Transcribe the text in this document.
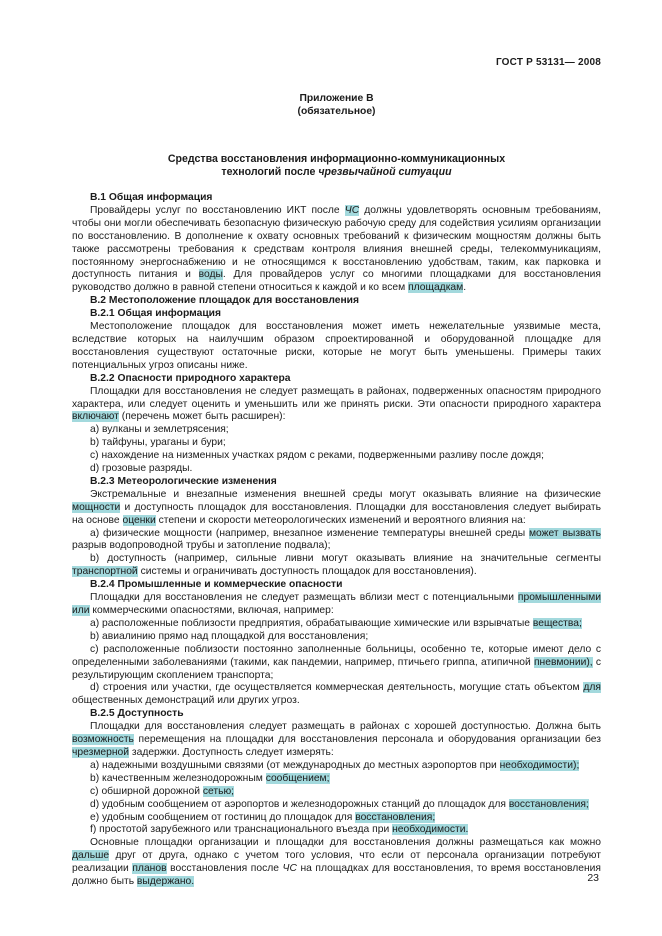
ГОСТ Р 53131— 2008
Приложение В
(обязательное)
Средства восстановления информационно-коммуникационных
технологий после чрезвычайной ситуации

В.1 Общая информация

Провайдеры услуг по восстановлению ИКТ после ЧС должны удовлетворять основным требованиям, чтобы они могли обеспечивать безопасную физическую рабочую среду для содействия усилиям организации по восстановлению. В дополнение к охвату основных требований к физическим мощностям должны быть также рассмотрены требования к средствам контроля влияния внешней среды, телекоммуникациям, постоянному энергоснабжению и не относящимся к восстановлению удобствам, таким, как парковка и доступность питания и воды. Для провайдеров услуг со многими площадками для восстановления руководство должно в равной степени относиться к каждой и ко всем площадкам.

В.2 Местоположение площадок для восстановления

В.2.1 Общая информация

Местоположение площадок для восстановления может иметь нежелательные уязвимые места, вследствие которых на наилучшим образом спроектированной и оборудованной площадке для восстановления существуют остаточные риски, которые не могут быть уменьшены. Примеры таких потенциальных угроз описаны ниже.

В.2.2 Опасности природного характера

Площадки для восстановления не следует размещать в районах, подверженных опасностям природного характера, или следует оценить и уменьшить или же принять риски. Эти опасности природного характера включают (перечень может быть расширен):

a) вулканы и землетрясения;

b) тайфуны, ураганы и бури;

c) нахождение на низменных участках рядом с реками, подверженными разливу после дождя;

d) грозовые разряды.

В.2.3 Метеорологические изменения

Экстремальные и внезапные изменения внешней среды могут оказывать влияние на физические мощности и доступность площадок для восстановления. Площадки для восстановления следует выбирать на основе оценки степени и скорости метеорологических изменений и вероятного влияния на:

a) физические мощности (например, внезапное изменение температуры внешней среды может вызвать разрыв водопроводной трубы и затопление подвала);

b) доступность (например, сильные ливни могут оказывать влияние на значительные сегменты транспортной системы и ограничивать доступность площадок для восстановления).

В.2.4 Промышленные и коммерческие опасности

Площадки для восстановления не следует размещать вблизи мест с потенциальными промышленными или коммерческими опасностями, включая, например:

a) расположенные поблизости предприятия, обрабатывающие химические или взрывчатые вещества;

b) авиалинию прямо над площадкой для восстановления;

c) расположенные поблизости постоянно заполненные больницы, особенно те, которые имеют дело с определенными заболеваниями (такими, как пандемии, например, птичьего гриппа, атипичной пневмонии), с результирующим скоплением транспорта;

d) строения или участки, где осуществляется коммерческая деятельность, могущие стать объектом для общественных демонстраций или других угроз.

В.2.5 Доступность

Площадки для восстановления следует размещать в районах с хорошей доступностью. Должна быть возможность перемещения на площадки для восстановления персонала и оборудования организации без чрезмерной задержки. Доступность следует измерять:

a) надежными воздушными связями (от международных до местных аэропортов при необходимости);

b) качественным железнодорожным сообщением;

c) обширной дорожной сетью;

d) удобным сообщением от аэропортов и железнодорожных станций до площадок для восстановления;

e) удобным сообщением от гостиниц до площадок для восстановления;

f) простотой зарубежного или транснационального въезда при необходимости.

Основные площадки организации и площадки для восстановления должны размещаться как можно дальше друг от друга, однако с учетом того условия, что если от персонала организации потребуют реализации планов восстановления после ЧС на площадках для восстановления, то время восстановления должно быть выдержано.	23
